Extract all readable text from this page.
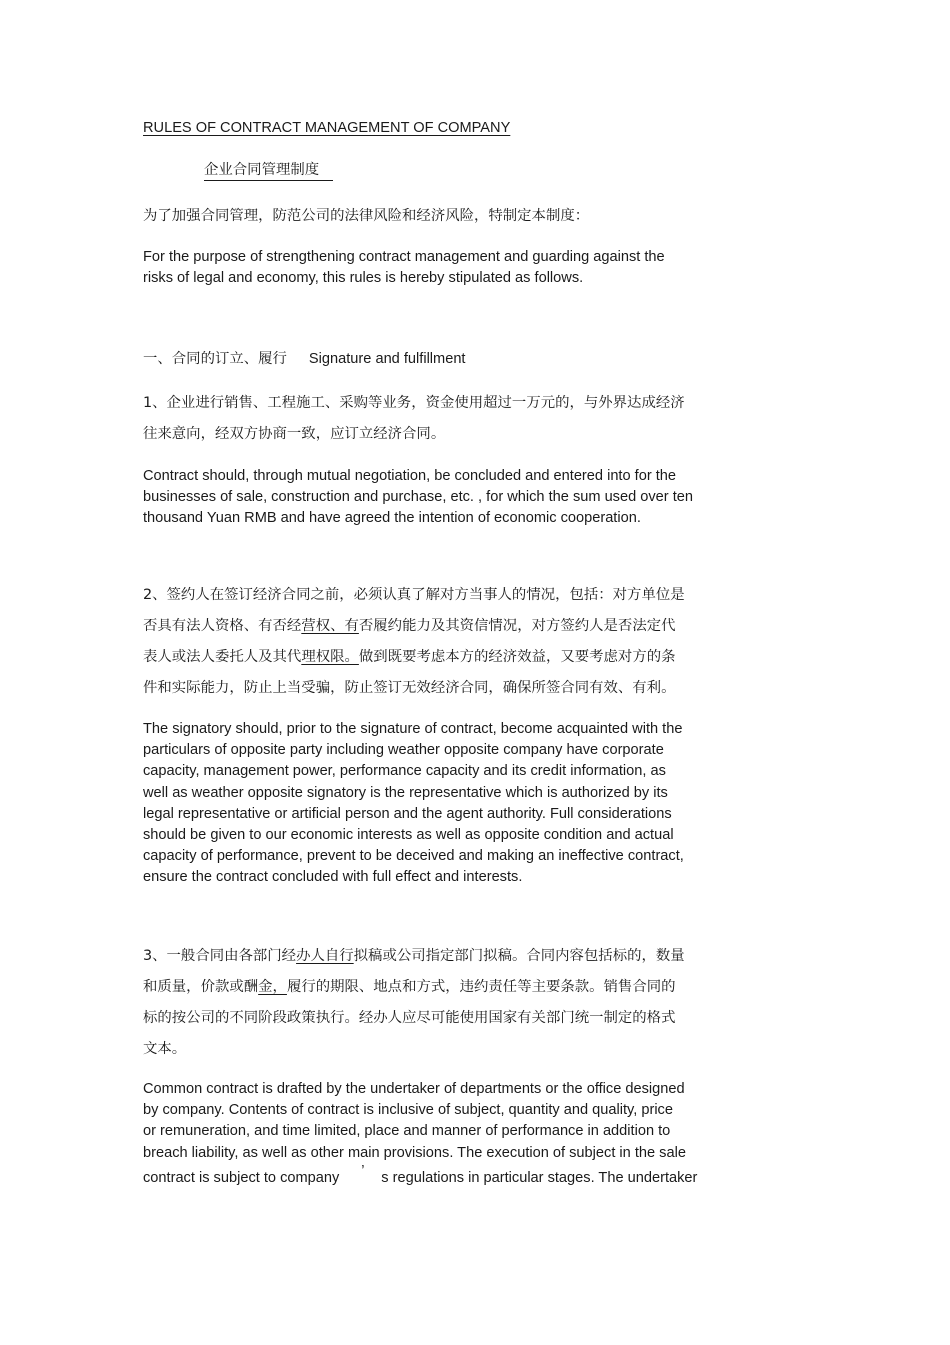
RULES OF CONTRACT MANAGEMENT OF COMPANY
企业合同管理制度
为了加强合同管理，防范公司的法律风险和经济风险，特制定本制度：

For the purpose of strengthening contract management and guarding against the

risks of legal and economy, this rules is hereby stipulated as follows.

一、合同的订立、履行 Signature and fulfillment

1、企业进行销售、工程施工、采购等业务，资金使用超过一万元的，与外界达成经济

往来意向，经双方协商一致，应订立经济合同。

Contract should, through mutual negotiation, be concluded and entered into for the

businesses of sale, construction and purchase, etc. , for which the sum used over ten

thousand Yuan RMB and have agreed the intention of economic cooperation.

2、签约人在签订经济合同之前，必须认真了解对方当事人的情况，包括：对方单位是

否具有法人资格、有否经营权、有否履约能力及其资信情况，对方签约人是否法定代

表人或法人委托人及其代理权限。做到既要考虑本方的经济效益，又要考虑对方的条

件和实际能力，防止上当受骗，防止签订无效经济合同，确保所签合同有效、有利。

The signatory should, prior to the signature of contract, become acquainted with the

particulars of opposite party including weather opposite company have corporate

capacity, management power, performance capacity and its credit information, as

well as weather opposite signatory is the representative which is authorized by its

legal representative or artificial person and the agent authority. Full considerations

should be given to our economic interests as well as opposite condition and actual

capacity of performance, prevent to be deceived and making an ineffective contract,

ensure the contract concluded with full effect and interests.

3、一般合同由各部门经办人自行拟稿或公司指定部门拟稿。合同内容包括标的，数量

和质量，价款或酬金，履行的期限、地点和方式，违约责任等主要条款。销售合同的

标的按公司的不同阶段政策执行。经办人应尽可能使用国家有关部门统一制定的格式

文本。

Common contract is drafted by the undertaker of departments or the office designed

by company. Contents of contract is inclusive of subject, quantity and quality, price

or remuneration, and time limited, place and manner of performance in addition to

breach liability, as well as other main provisions. The execution of subject in the sale

contract is subject to company ’ s regulations in particular stages. The undertaker
